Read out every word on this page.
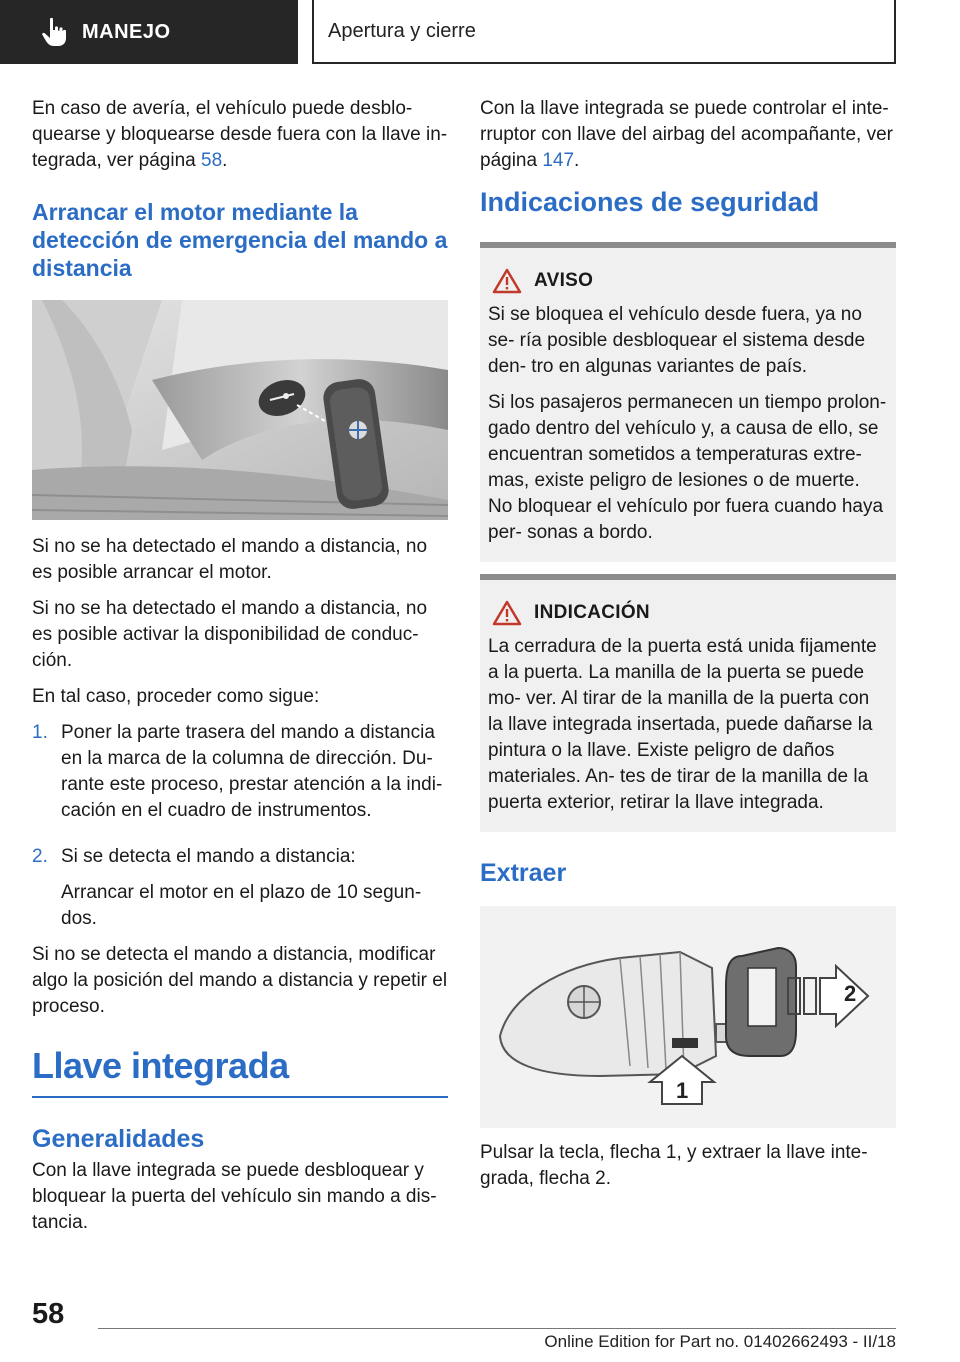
MANEJO	Apertura y cierre

En caso de avería, el vehículo puede desblo‐ quearse y bloquearse desde fuera con la llave in‐ tegrada, ver página 58.

Arrancar el motor mediante la detección de emergencia del mando a distancia

Si no se ha detectado el mando a distancia, no es posible arrancar el motor.

Si no se ha detectado el mando a distancia, no es posible activar la disponibilidad de conduc‐ ción.

En tal caso, proceder como sigue:

1. Poner la parte trasera del mando a distancia en la marca de la columna de dirección. Du‐ rante este proceso, prestar atención a la indi‐ cación en el cuadro de instrumentos.

2. Si se detecta el mando a distancia:

Arrancar el motor en el plazo de 10 segun‐ dos.

Si no se detecta el mando a distancia, modificar algo la posición del mando a distancia y repetir el proceso.

Llave integrada
Generalidades

Con la llave integrada se puede desbloquear y bloquear la puerta del vehículo sin mando a dis‐ tancia.

Con la llave integrada se puede controlar el inte‐ rruptor con llave del airbag del acompañante, ver página 147.

Indicaciones de seguridad
AVISO

Si se bloquea el vehículo desde fuera, ya no se‐ ría posible desbloquear el sistema desde den‐ tro en algunas variantes de país.

Si los pasajeros permanecen un tiempo prolon‐ gado dentro del vehículo y, a causa de ello, se encuentran sometidos a temperaturas extre‐ mas, existe peligro de lesiones o de muerte. No bloquear el vehículo por fuera cuando haya per‐ sonas a bordo.

INDICACIÓN

La cerradura de la puerta está unida fijamente a la puerta. La manilla de la puerta se puede mo‐ ver. Al tirar de la manilla de la puerta con la llave integrada insertada, puede dañarse la pintura o la llave. Existe peligro de daños materiales. An‐ tes de tirar de la manilla de la puerta exterior, retirar la llave integrada.

Extraer
2
1

Pulsar la tecla, flecha 1, y extraer la llave inte‐ grada, flecha 2.

58
Online Edition for Part no. 01402662493 - II/18
